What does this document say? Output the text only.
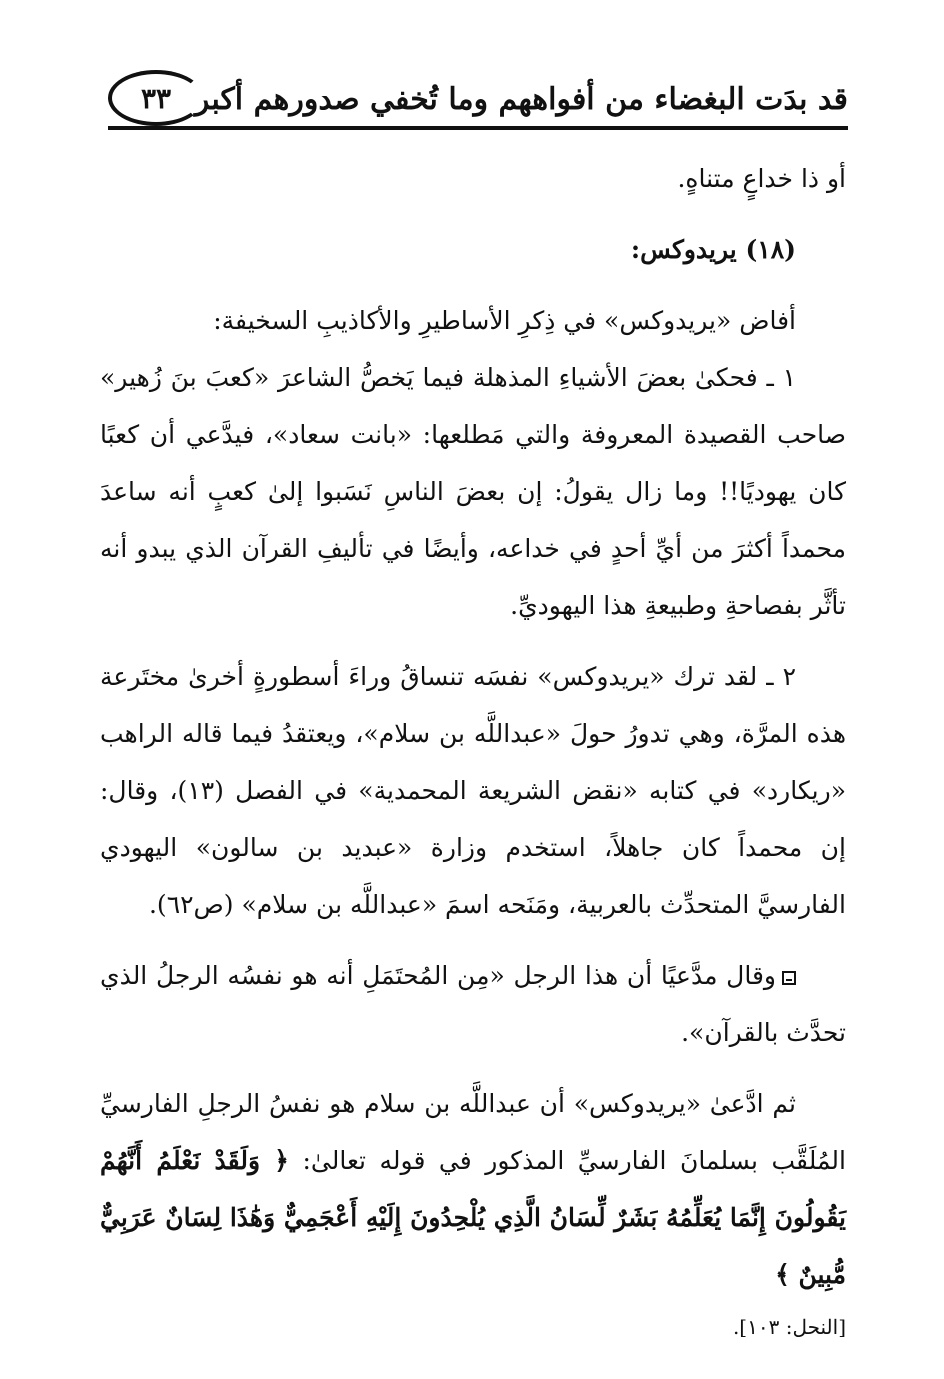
قد بدَت البغضاء من أفواههم وما تُخفي صدورهم أكبر
٣٣

أو ذا خداعٍ متناهٍ.

(١٨) يريدوكس:

أفاض «يريدوكس» في ذِكرِ الأساطيرِ والأكاذيبِ السخيفة:

١ ـ فحكىٰ بعضَ الأشياءِ المذهلة فيما يَخصُّ الشاعرَ «كعبَ بنَ زُهير» صاحب القصيدة المعروفة والتي مَطلعها: «بانت سعاد»، فيدَّعي أن كعبًا كان يهوديًا!! وما زال يقولُ: إن بعضَ الناسِ نَسَبوا إلىٰ كعبٍ أنه ساعدَ محمداً أكثرَ من أيِّ أحدٍ في خداعه، وأيضًا في تأليفِ القرآن الذي يبدو أنه تأثَّر بفصاحةِ وطبيعةِ هذا اليهوديِّ.

٢ ـ لقد ترك «يريدوكس» نفسَه تنساقُ وراءَ أسطورةٍ أخرىٰ مختَرعة هذه المرَّة، وهي تدورُ حولَ «عبداللَّه بن سلام»، ويعتقدُ فيما قاله الراهب «ريكارد» في كتابه «نقض الشريعة المحمدية» في الفصل (١٣)، وقال: إن محمداً كان جاهلاً، استخدم وزارة «عبديد بن سالون» اليهودي الفارسيَّ المتحدِّث بالعربية، ومَنَحه اسمَ «عبداللَّه بن سلام» (ص٦٢).

وقال مدَّعيًا أن هذا الرجل «مِن المُحتَمَلِ أنه هو نفسُه الرجلُ الذي تحدَّث بالقرآن».

ثم ادَّعىٰ «يريدوكس» أن عبداللَّه بن سلام هو نفسُ الرجلِ الفارسيِّ المُلَقَّب بسلمانَ الفارسيِّ المذكور في قوله تعالىٰ: ﴿ وَلَقَدْ نَعْلَمُ أَنَّهُمْ يَقُولُونَ إِنَّمَا يُعَلِّمُهُ بَشَرٌ لِّسَانُ الَّذِي يُلْحِدُونَ إِلَيْهِ أَعْجَمِيٌّ وَهَٰذَا لِسَانٌ عَرَبِيٌّ مُّبِينٌ ﴾

[النحل: ١٠٣].
